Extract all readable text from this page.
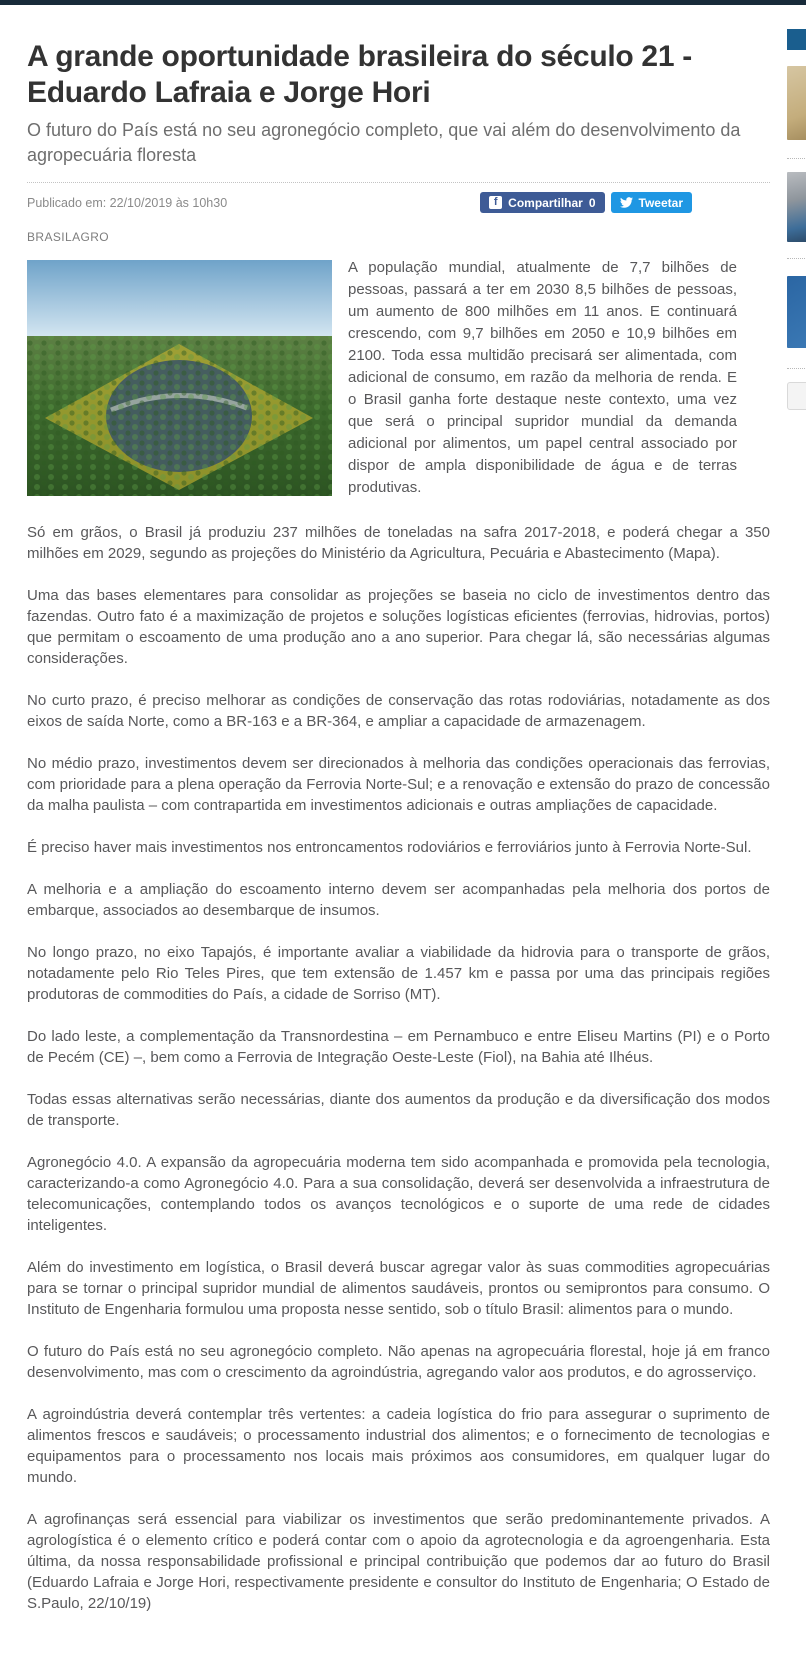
A grande oportunidade brasileira do século 21 - Eduardo Lafraia e Jorge Hori

O futuro do País está no seu agronegócio completo, que vai além do desenvolvimento da agropecuária floresta

Publicado em: 22/10/2019 às 10h30	f Compartilhar 0	Tweetar
BRASILAGRO

A população mundial, atualmente de 7,7 bilhões de pessoas, passará a ter em 2030 8,5 bilhões de pessoas, um aumento de 800 milhões em 11 anos. E continuará crescendo, com 9,7 bilhões em 2050 e 10,9 bilhões em 2100. Toda essa multidão precisará ser alimentada, com adicional de consumo, em razão da melhoria de renda. E o Brasil ganha forte destaque neste contexto, uma vez que será o principal supridor mundial da demanda adicional por alimentos, um papel central associado por dispor de ampla disponibilidade de água e de terras produtivas.

Só em grãos, o Brasil já produziu 237 milhões de toneladas na safra 2017-2018, e poderá chegar a 350 milhões em 2029, segundo as projeções do Ministério da Agricultura, Pecuária e Abastecimento (Mapa).

Uma das bases elementares para consolidar as projeções se baseia no ciclo de investimentos dentro das fazendas. Outro fato é a maximização de projetos e soluções logísticas eficientes (ferrovias, hidrovias, portos) que permitam o escoamento de uma produção ano a ano superior. Para chegar lá, são necessárias algumas considerações.

No curto prazo, é preciso melhorar as condições de conservação das rotas rodoviárias, notadamente as dos eixos de saída Norte, como a BR-163 e a BR-364, e ampliar a capacidade de armazenagem.

No médio prazo, investimentos devem ser direcionados à melhoria das condições operacionais das ferrovias, com prioridade para a plena operação da Ferrovia Norte-Sul; e a renovação e extensão do prazo de concessão da malha paulista – com contrapartida em investimentos adicionais e outras ampliações de capacidade.

É preciso haver mais investimentos nos entroncamentos rodoviários e ferroviários junto à Ferrovia Norte-Sul.

A melhoria e a ampliação do escoamento interno devem ser acompanhadas pela melhoria dos portos de embarque, associados ao desembarque de insumos.

No longo prazo, no eixo Tapajós, é importante avaliar a viabilidade da hidrovia para o transporte de grãos, notadamente pelo Rio Teles Pires, que tem extensão de 1.457 km e passa por uma das principais regiões produtoras de commodities do País, a cidade de Sorriso (MT).

Do lado leste, a complementação da Transnordestina – em Pernambuco e entre Eliseu Martins (PI) e o Porto de Pecém (CE) –, bem como a Ferrovia de Integração Oeste-Leste (Fiol), na Bahia até Ilhéus.

Todas essas alternativas serão necessárias, diante dos aumentos da produção e da diversificação dos modos de transporte.

Agronegócio 4.0. A expansão da agropecuária moderna tem sido acompanhada e promovida pela tecnologia, caracterizando-a como Agronegócio 4.0. Para a sua consolidação, deverá ser desenvolvida a infraestrutura de telecomunicações, contemplando todos os avanços tecnológicos e o suporte de uma rede de cidades inteligentes.

Além do investimento em logística, o Brasil deverá buscar agregar valor às suas commodities agropecuárias para se tornar o principal supridor mundial de alimentos saudáveis, prontos ou semiprontos para consumo. O Instituto de Engenharia formulou uma proposta nesse sentido, sob o título Brasil: alimentos para o mundo.

O futuro do País está no seu agronegócio completo. Não apenas na agropecuária florestal, hoje já em franco desenvolvimento, mas com o crescimento da agroindústria, agregando valor aos produtos, e do agrosserviço.

A agroindústria deverá contemplar três vertentes: a cadeia logística do frio para assegurar o suprimento de alimentos frescos e saudáveis; o processamento industrial dos alimentos; e o fornecimento de tecnologias e equipamentos para o processamento nos locais mais próximos aos consumidores, em qualquer lugar do mundo.

A agrofinanças será essencial para viabilizar os investimentos que serão predominantemente privados. A agrologística é o elemento crítico e poderá contar com o apoio da agrotecnologia e da agroengenharia. Esta última, da nossa responsabilidade profissional e principal contribuição que podemos dar ao futuro do Brasil (Eduardo Lafraia e Jorge Hori, respectivamente presidente e consultor do Instituto de Engenharia; O Estado de S.Paulo, 22/10/19)
